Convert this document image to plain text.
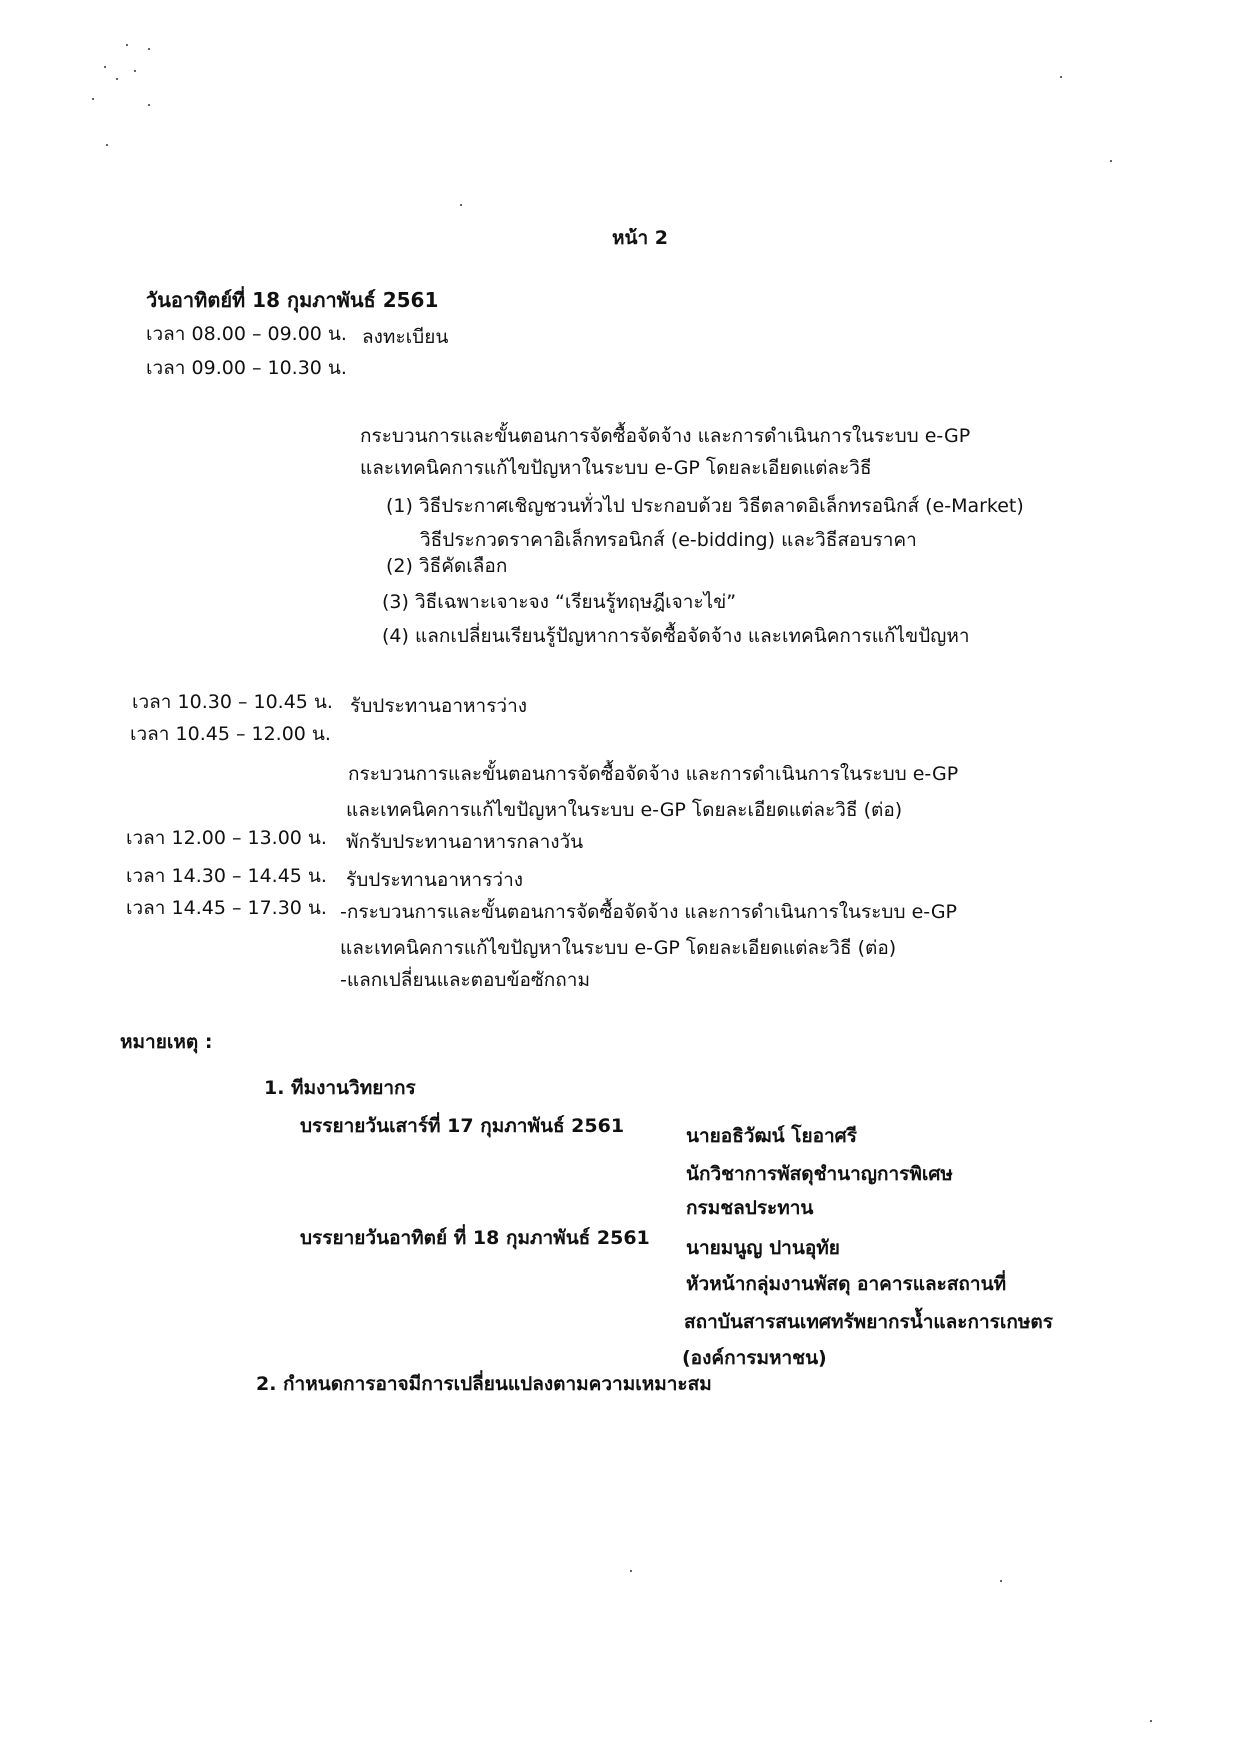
หน้า 2
วันอาทิตย์ที่ 18 กุมภาพันธ์ 2561
เวลา 08.00 – 09.00 น. ลงทะเบียน
เวลา 09.00 – 10.30 น.
กระบวนการและขั้นตอนการจัดซื้อจัดจ้าง และการดำเนินการในระบบ e-GP
และเทคนิคการแก้ไขปัญหาในระบบ e-GP โดยละเอียดแต่ละวิธี
(1) วิธีประกาศเชิญชวนทั่วไป ประกอบด้วย วิธีตลาดอิเล็กทรอนิกส์ (e-Market)
วิธีประกวดราคาอิเล็กทรอนิกส์ (e-bidding) และวิธีสอบราคา
(2) วิธีคัดเลือก
(3) วิธีเฉพาะเจาะจง “เรียนรู้ทฤษฎีเจาะไข่”
(4) แลกเปลี่ยนเรียนรู้ปัญหาการจัดซื้อจัดจ้าง และเทคนิคการแก้ไขปัญหา
เวลา 10.30 – 10.45 น. รับประทานอาหารว่าง
เวลา 10.45 – 12.00 น.
กระบวนการและขั้นตอนการจัดซื้อจัดจ้าง และการดำเนินการในระบบ e-GP
และเทคนิคการแก้ไขปัญหาในระบบ e-GP โดยละเอียดแต่ละวิธี (ต่อ)
เวลา 12.00 – 13.00 น. พักรับประทานอาหารกลางวัน
เวลา 14.30 – 14.45 น. รับประทานอาหารว่าง
เวลา 14.45 – 17.30 น. -กระบวนการและขั้นตอนการจัดซื้อจัดจ้าง และการดำเนินการในระบบ e-GP
และเทคนิคการแก้ไขปัญหาในระบบ e-GP โดยละเอียดแต่ละวิธี (ต่อ)
-แลกเปลี่ยนและตอบข้อซักถาม
หมายเหตุ :
1. ทีมงานวิทยากร
บรรยายวันเสาร์ที่ 17 กุมภาพันธ์ 2561	นายอธิวัฒน์ โยอาศรี
นักวิชาการพัสดุชำนาญการพิเศษ
กรมชลประทาน
บรรยายวันอาทิตย์ ที่ 18 กุมภาพันธ์ 2561 นายมนูญ ปานอุทัย
หัวหน้ากลุ่มงานพัสดุ อาคารและสถานที่
สถาบันสารสนเทศทรัพยากรน้ำและการเกษตร
(องค์การมหาชน)
2. กำหนดการอาจมีการเปลี่ยนแปลงตามความเหมาะสม
